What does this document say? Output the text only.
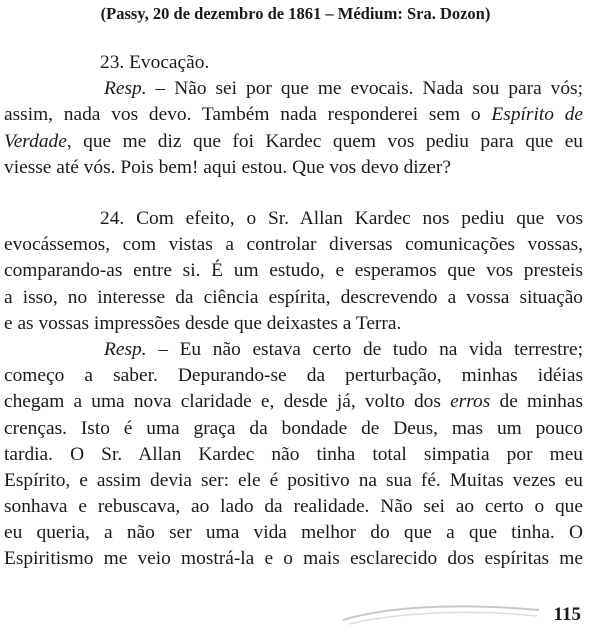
(Passy, 20 de dezembro de 1861 – Médium: Sra. Dozon)
23. Evocação.
Resp. – Não sei por que me evocais. Nada sou para vós;
assim, nada vos devo. Também nada responderei sem o Espírito de
Verdade, que me diz que foi Kardec quem vos pediu para que eu
viesse até vós. Pois bem! aqui estou. Que vos devo dizer?
24. Com efeito, o Sr. Allan Kardec nos pediu que vos
evocássemos, com vistas a controlar diversas comunicações vossas,
comparando-as entre si. É um estudo, e esperamos que vos presteis
a isso, no interesse da ciência espírita, descrevendo a vossa situação
e as vossas impressões desde que deixastes a Terra.
Resp. – Eu não estava certo de tudo na vida terrestre;
começo a saber. Depurando-se da perturbação, minhas idéias
chegam a uma nova claridade e, desde já, volto dos erros de minhas
crenças. Isto é uma graça da bondade de Deus, mas um pouco
tardia. O Sr. Allan Kardec não tinha total simpatia por meu
Espírito, e assim devia ser: ele é positivo na sua fé. Muitas vezes eu
sonhava e rebuscava, ao lado da realidade. Não sei ao certo o que
eu queria, a não ser uma vida melhor do que a que tinha. O
Espiritismo me veio mostrá-la e o mais esclarecido dos espíritas me
115
